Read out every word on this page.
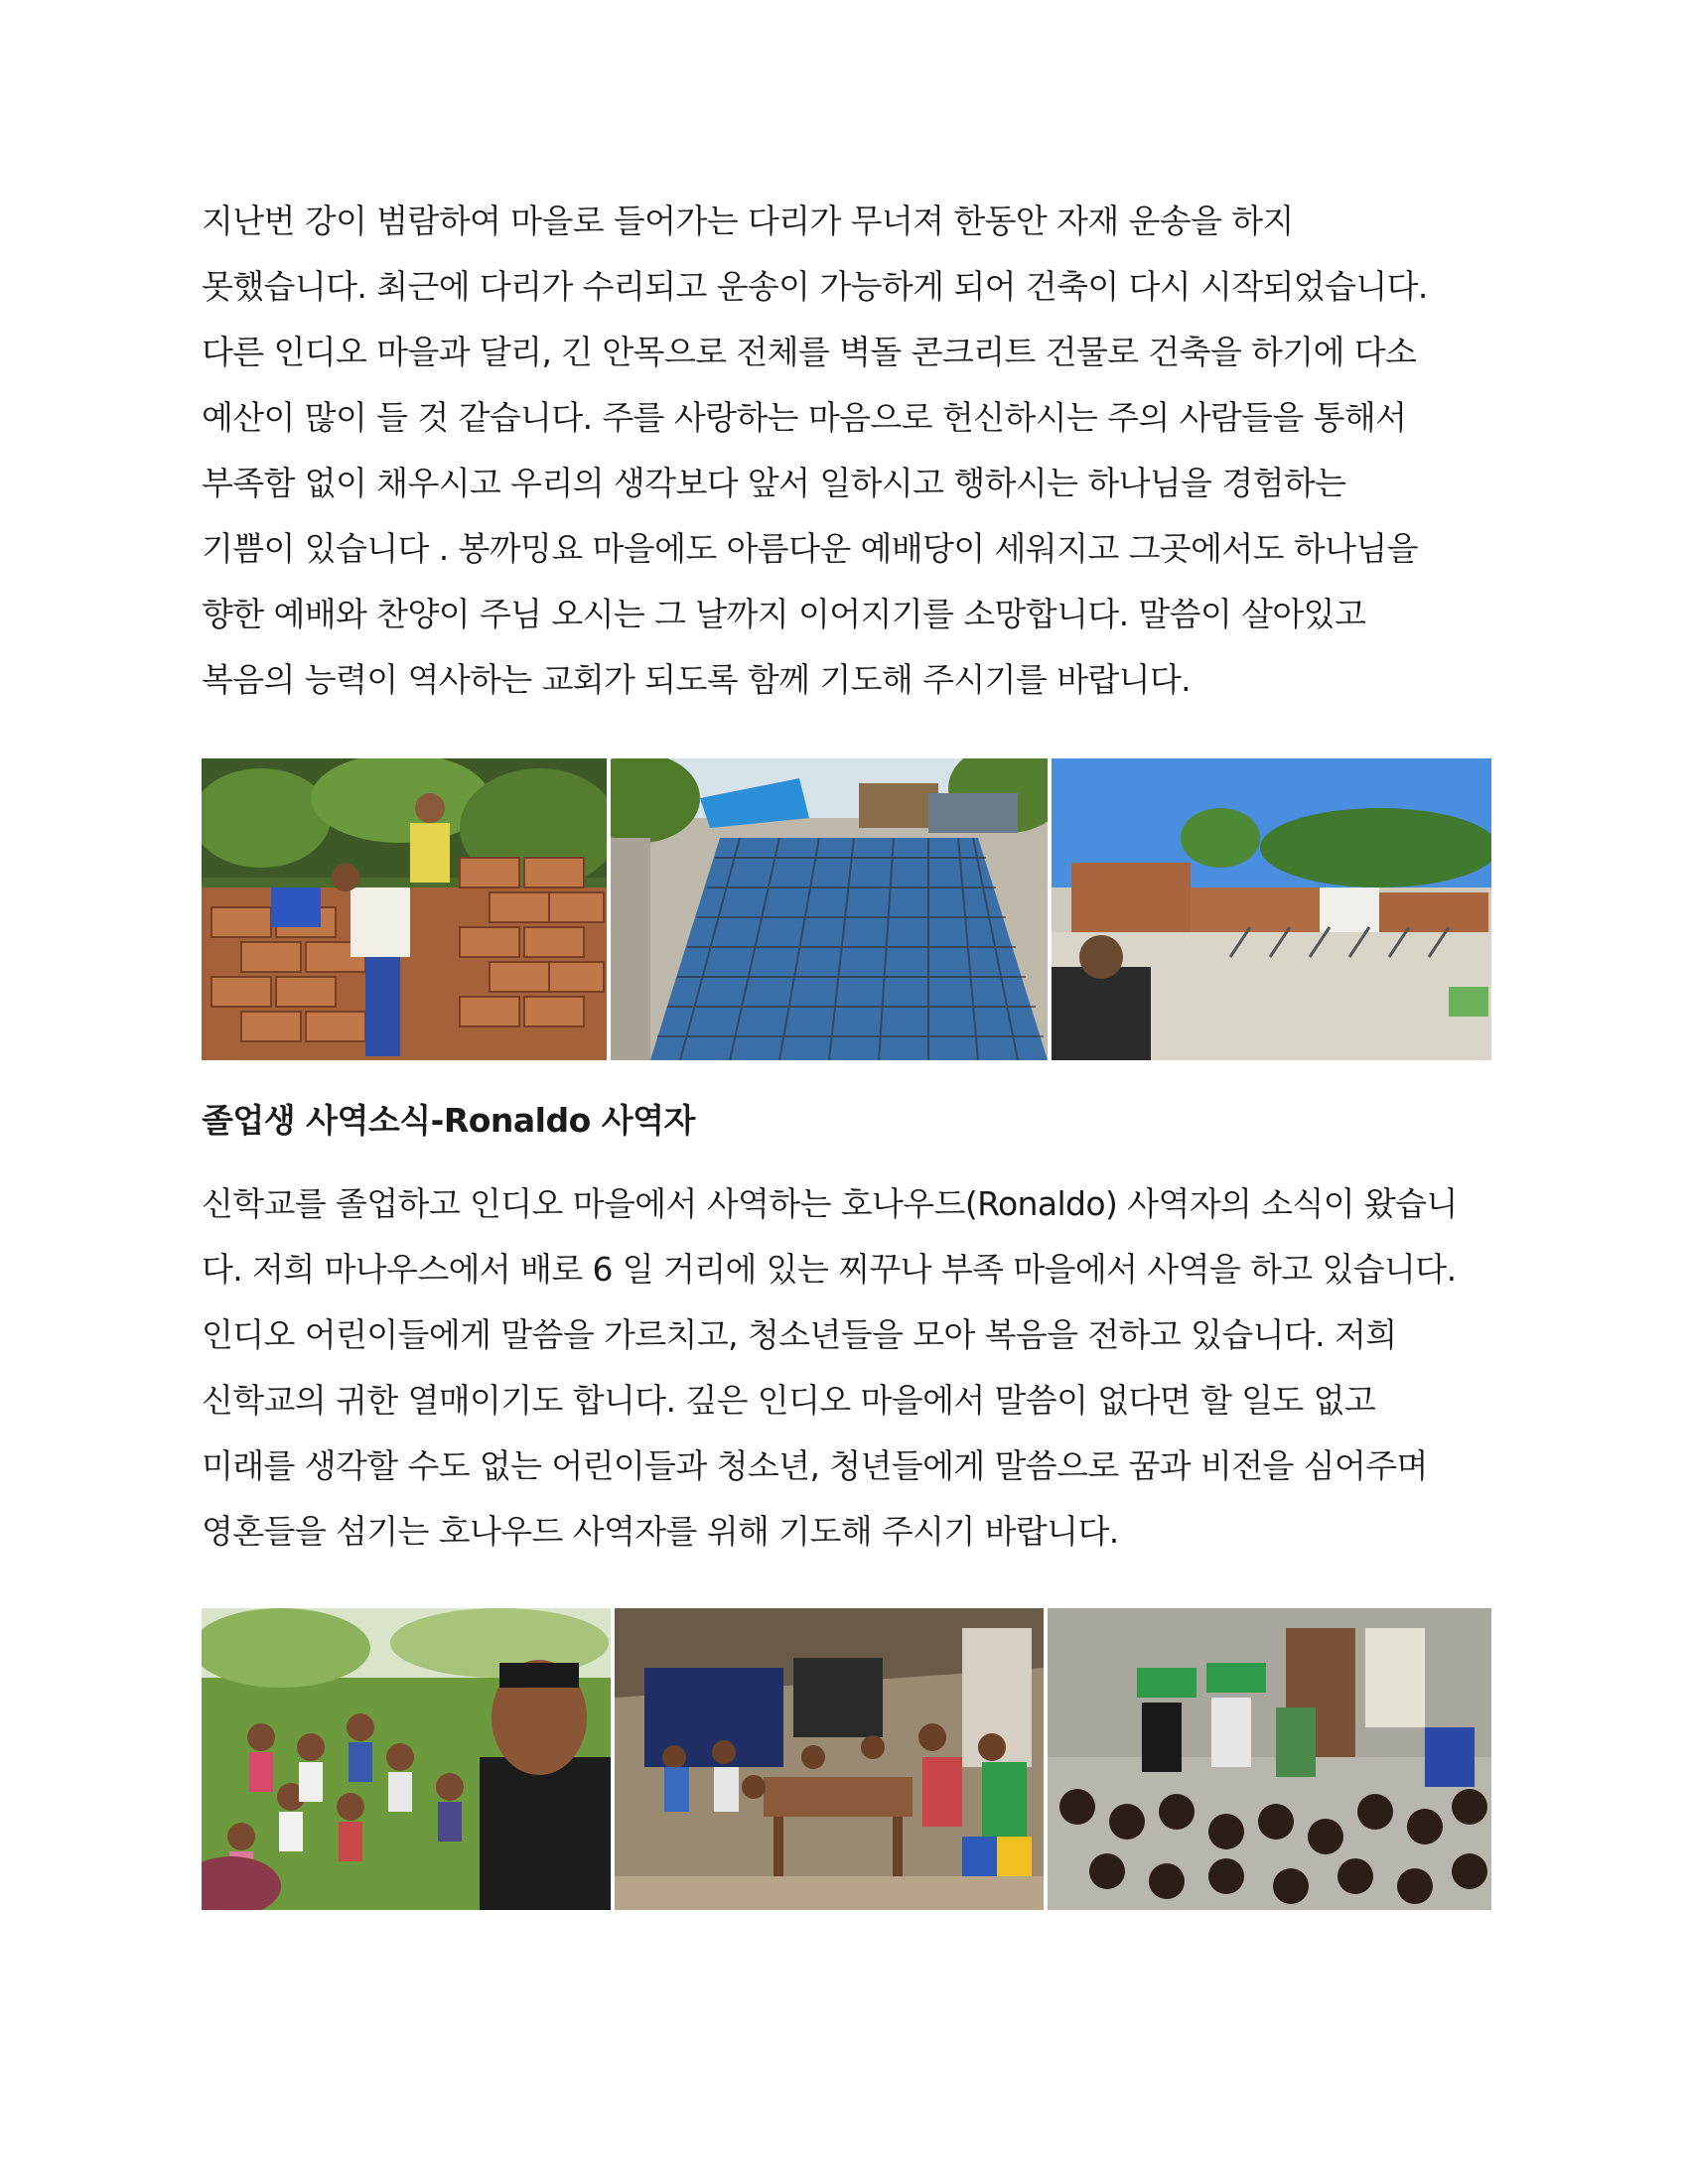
지난번 강이 범람하여 마을로 들어가는 다리가 무너져 한동안 자재 운송을 하지
못했습니다. 최근에 다리가 수리되고 운송이 가능하게 되어 건축이 다시 시작되었습니다.
다른 인디오 마을과 달리, 긴 안목으로 전체를 벽돌 콘크리트 건물로 건축을 하기에 다소
예산이 많이 들 것 같습니다. 주를 사랑하는 마음으로 헌신하시는 주의 사람들을 통해서
부족함 없이 채우시고 우리의 생각보다 앞서 일하시고 행하시는 하나님을 경험하는
기쁨이 있습니다 . 봉까밍요 마을에도 아름다운 예배당이 세워지고 그곳에서도 하나님을
향한 예배와 찬양이 주님 오시는 그 날까지 이어지기를 소망합니다. 말씀이 살아있고
복음의 능력이 역사하는 교회가 되도록 함께 기도해 주시기를 바랍니다.
졸업생 사역소식-Ronaldo 사역자
신학교를 졸업하고 인디오 마을에서 사역하는 호나우드(Ronaldo) 사역자의 소식이 왔습니
다. 저희 마나우스에서 배로 6 일 거리에 있는 찌꾸나 부족 마을에서 사역을 하고 있습니다.
인디오 어린이들에게 말씀을 가르치고, 청소년들을 모아 복음을 전하고 있습니다. 저희
신학교의 귀한 열매이기도 합니다. 깊은 인디오 마을에서 말씀이 없다면 할 일도 없고
미래를 생각할 수도 없는 어린이들과 청소년, 청년들에게 말씀으로 꿈과 비전을 심어주며
영혼들을 섬기는 호나우드 사역자를 위해 기도해 주시기 바랍니다.
